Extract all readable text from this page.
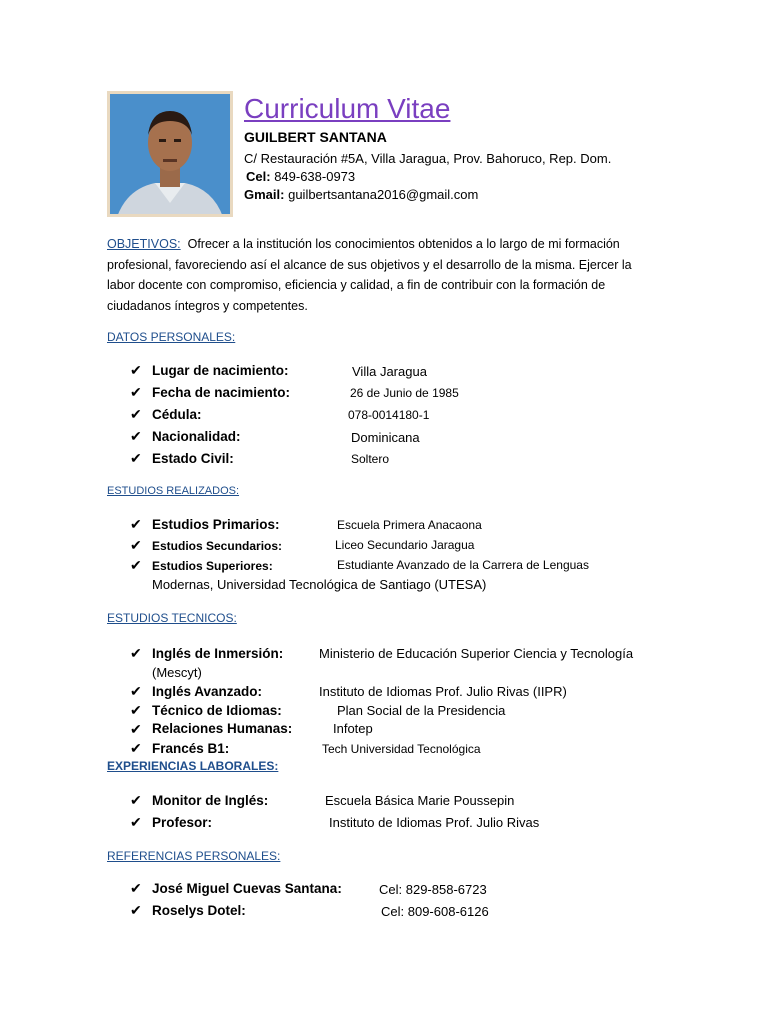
Curriculum Vitae
GUILBERT SANTANA
C/ Restauración #5A, Villa Jaragua, Prov. Bahoruco, Rep. Dom.
Cel: 849-638-0973
Gmail: guilbertsantana2016@gmail.com
OBJETIVOS: Ofrecer a la institución los conocimientos obtenidos a lo largo de mi formación profesional, favoreciendo así el alcance de sus objetivos y el desarrollo de la misma. Ejercer la labor docente con compromiso, eficiencia y calidad, a fin de contribuir con la formación de ciudadanos íntegros y competentes.
DATOS PERSONALES:
✔ Lugar de nacimiento:	Villa Jaragua
✔ Fecha de nacimiento:	26 de Junio de 1985
✔ Cédula:	078-0014180-1
✔ Nacionalidad:	Dominicana
✔ Estado Civil:	Soltero
ESTUDIOS REALIZADOS:
✔ Estudios Primarios:	Escuela Primera Anacaona
✔ Estudios Secundarios:	Liceo Secundario Jaragua
✔ Estudios Superiores:	Estudiante Avanzado de la Carrera de Lenguas
Modernas, Universidad Tecnológica de Santiago (UTESA)
ESTUDIOS TECNICOS:
✔ Inglés de Inmersión:	Ministerio de Educación Superior Ciencia y Tecnología
(Mescyt)
✔ Inglés Avanzado:	Instituto de Idiomas Prof. Julio Rivas (IIPR)
✔ Técnico de Idiomas:	Plan Social de la Presidencia
✔ Relaciones Humanas:	Infotep
✔ Francés B1:	Tech Universidad Tecnológica
EXPERIENCIAS LABORALES:
✔ Monitor de Inglés:	Escuela Básica Marie Poussepin
✔ Profesor:	Instituto de Idiomas Prof. Julio Rivas
REFERENCIAS PERSONALES:
✔ José Miguel Cuevas Santana:	Cel: 829-858-6723
✔ Roselys Dotel:	Cel: 809-608-6126
